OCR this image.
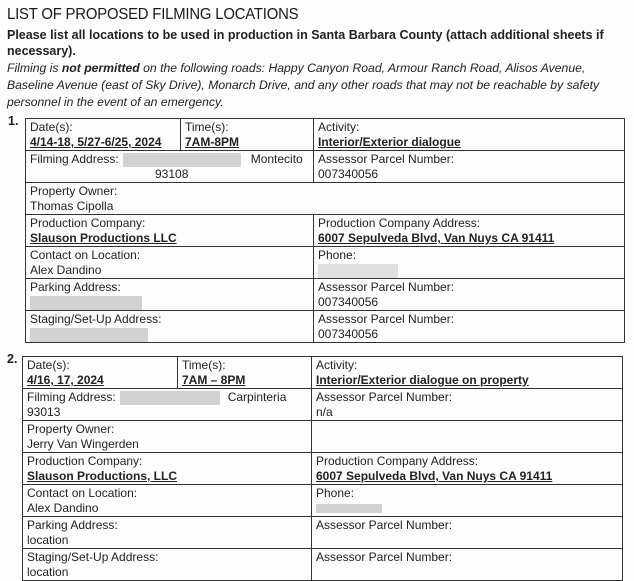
LIST OF PROPOSED FILMING LOCATIONS
Please list all locations to be used in production in Santa Barbara County (attach additional sheets if necessary).
Filming is not permitted on the following roads: Happy Canyon Road, Armour Ranch Road, Alisos Avenue, Baseline Avenue (east of Sky Drive), Monarch Drive, and any other roads that may not be reachable by safety personnel in the event of an emergency.
1. Date(s):
4/14-18, 5/27-6/25, 2024	Time(s):
7AM-8PM	Activity:
Interior/Exterior dialogue

Filming Address: Montecito
93108		Assessor Parcel Number:
007340056

Property Owner:
Thomas Cipolla		

Production Company:
Slauson Productions LLC		Production Company Address:
6007 Sepulveda Blvd, Van Nuys CA 91411

Contact on Location:
Alex Dandino		Phone:

Parking Address:		Assessor Parcel Number:
007340056

Staging/Set-Up Address:		Assessor Parcel Number:
007340056
2. Date(s):
4/16, 17, 2024	Time(s):
7AM – 8PM	Activity:
Interior/Exterior dialogue on property

Filming Address: Carpinteria
93013		Assessor Parcel Number:
n/a

Property Owner:
Jerry Van Wingerden		

Production Company:
Slauson Productions, LLC		Production Company Address:
6007 Sepulveda Blvd, Van Nuys CA 91411

Contact on Location:
Alex Dandino		Phone:

Parking Address:
location		Assessor Parcel Number:

Staging/Set-Up Address:
location		Assessor Parcel Number:
